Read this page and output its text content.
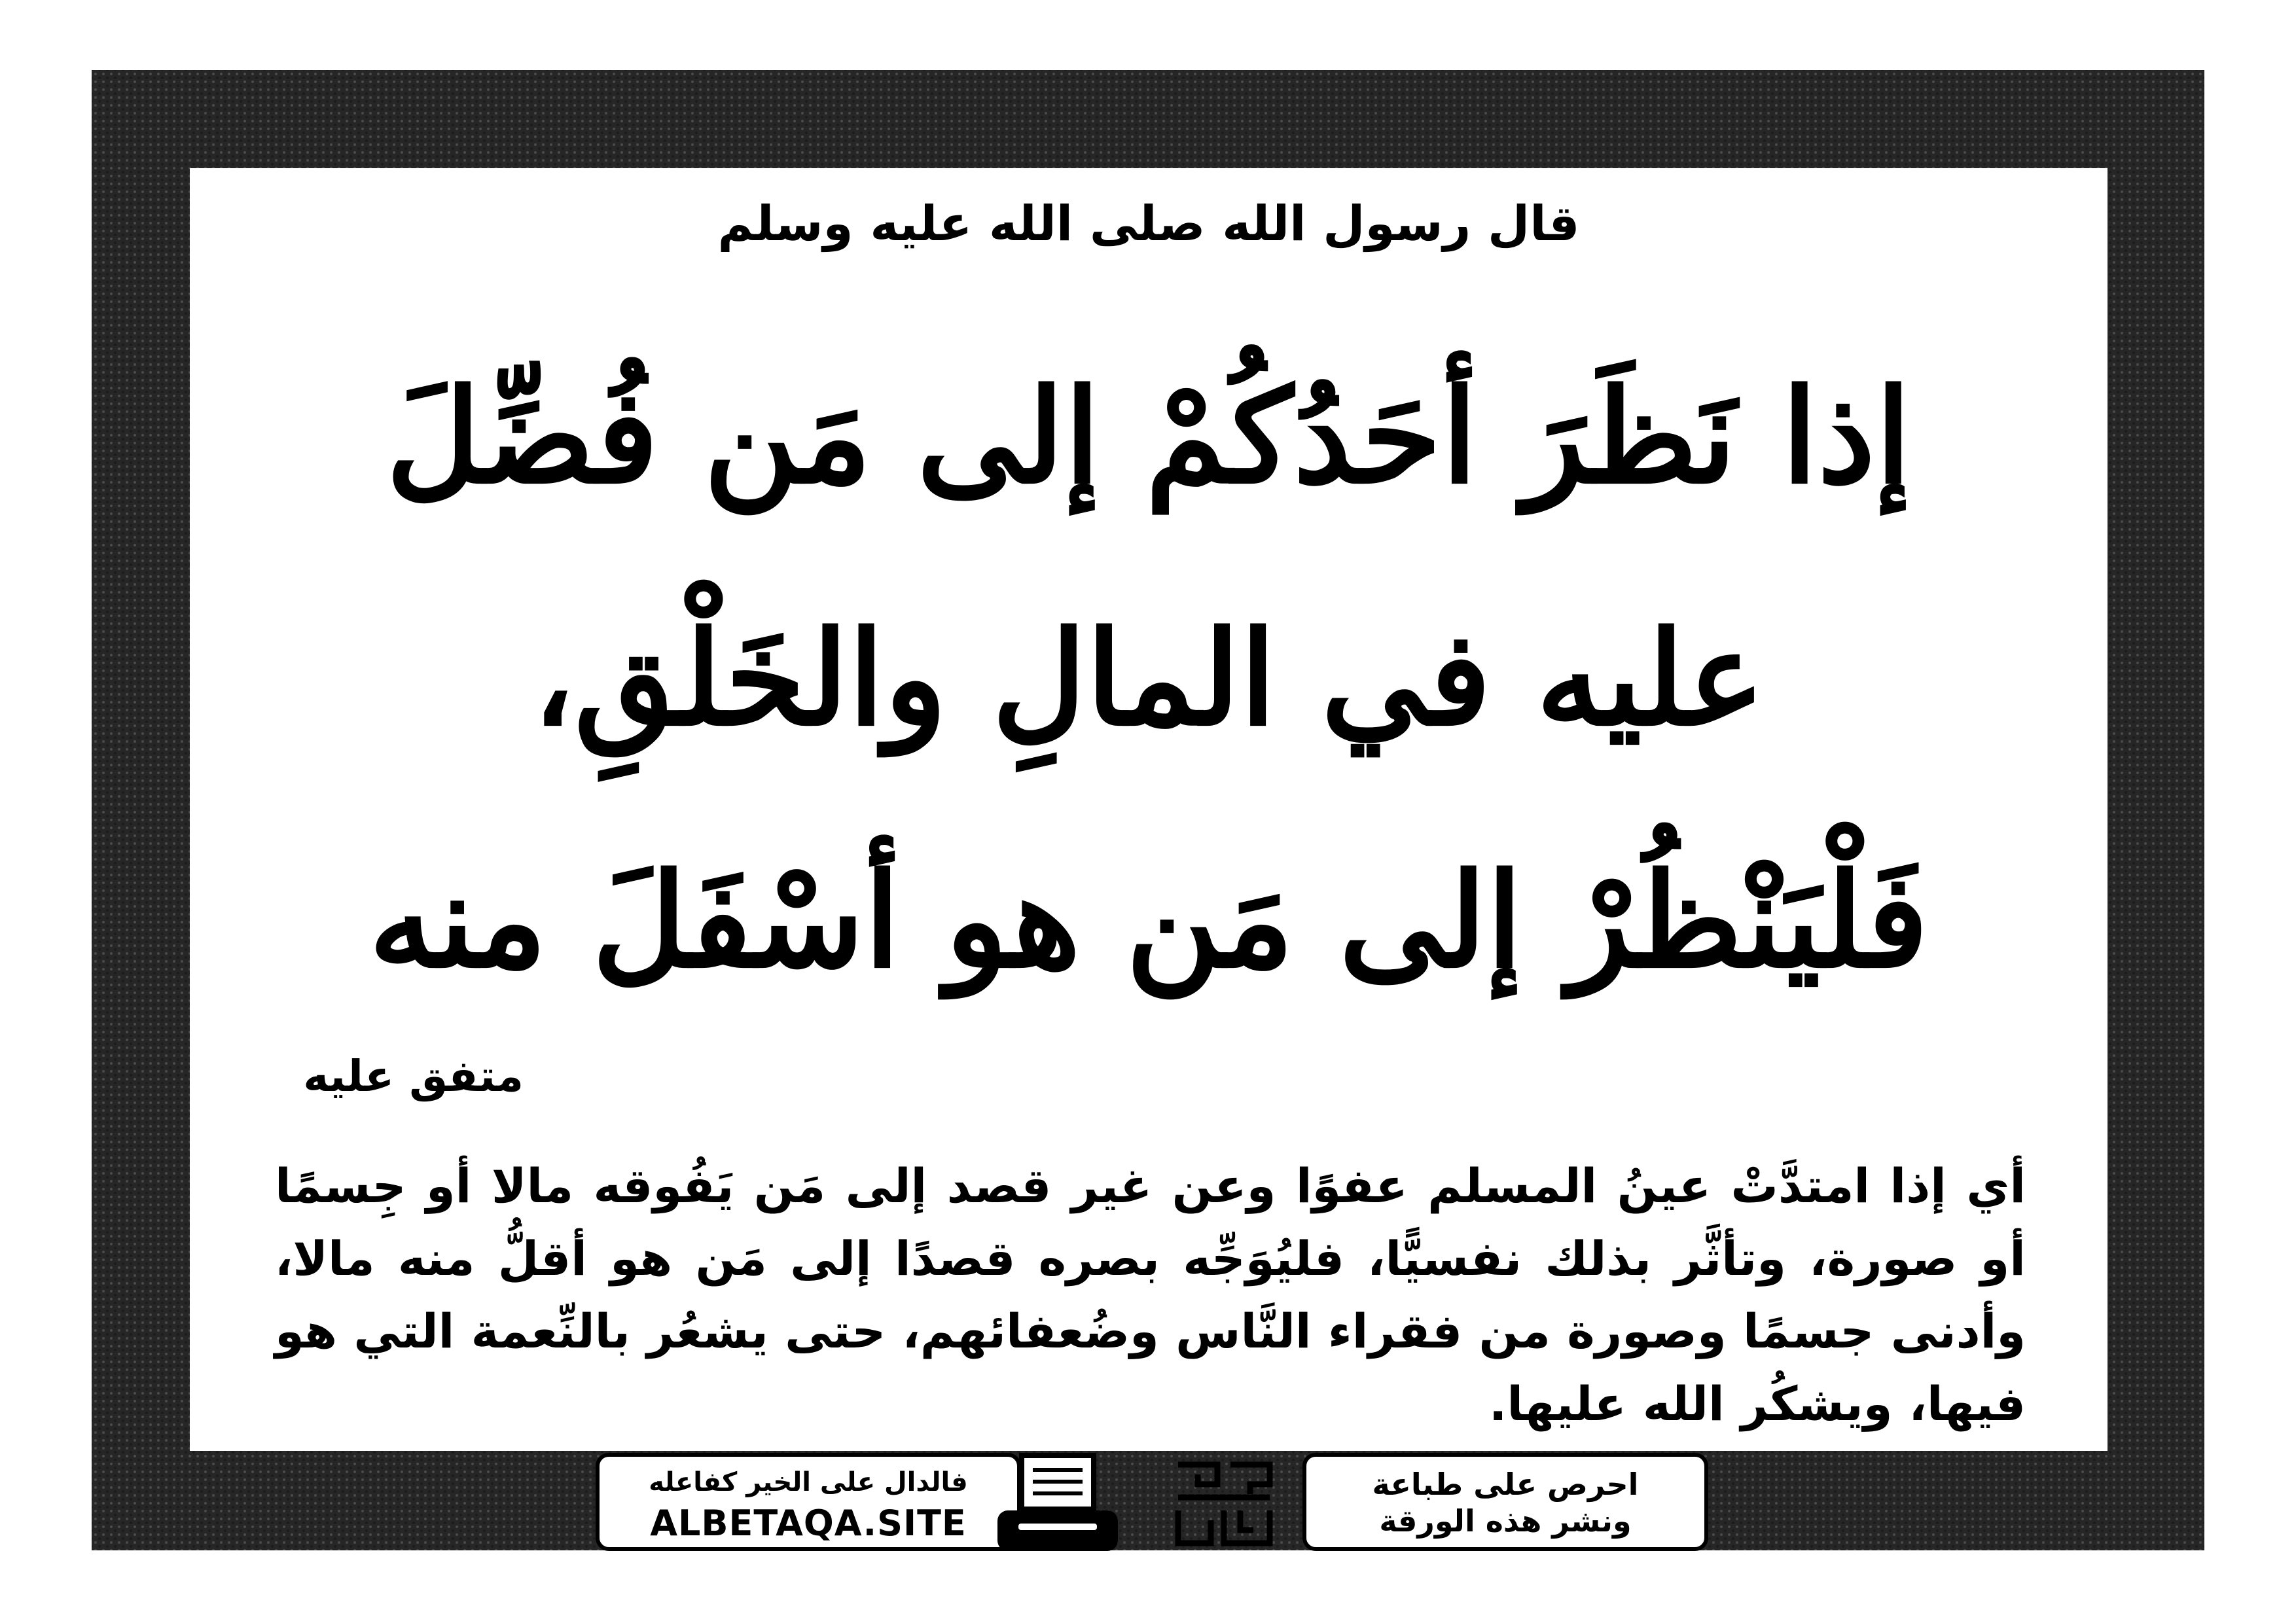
قال رسول الله صلى الله عليه وسلم
إذا نَظَرَ أحَدُكُمْ إلى مَن فُضِّلَ
عليه في المالِ والخَلْقِ،
فَلْيَنْظُرْ إلى مَن هو أسْفَلَ منه
متفق عليه
أي إذا امتدَّتْ عينُ المسلم عفوًا وعن غير قصد إلى مَن يَفُوقه مالا أو جِسمًا أو صورة، وتأثَّر بذلك نفسيًّا، فليُوَجِّه بصره قصدًا إلى مَن هو أقلُّ منه مالا، وأدنى جسمًا وصورة من فقراء النَّاس وضُعفائهم، حتى يشعُر بالنِّعمة التي هو فيها، ويشكُر الله عليها.
فالدال على الخير كفاعله
ALBETAQA.SITE
احرص على طباعة
ونشر هذه الورقة
